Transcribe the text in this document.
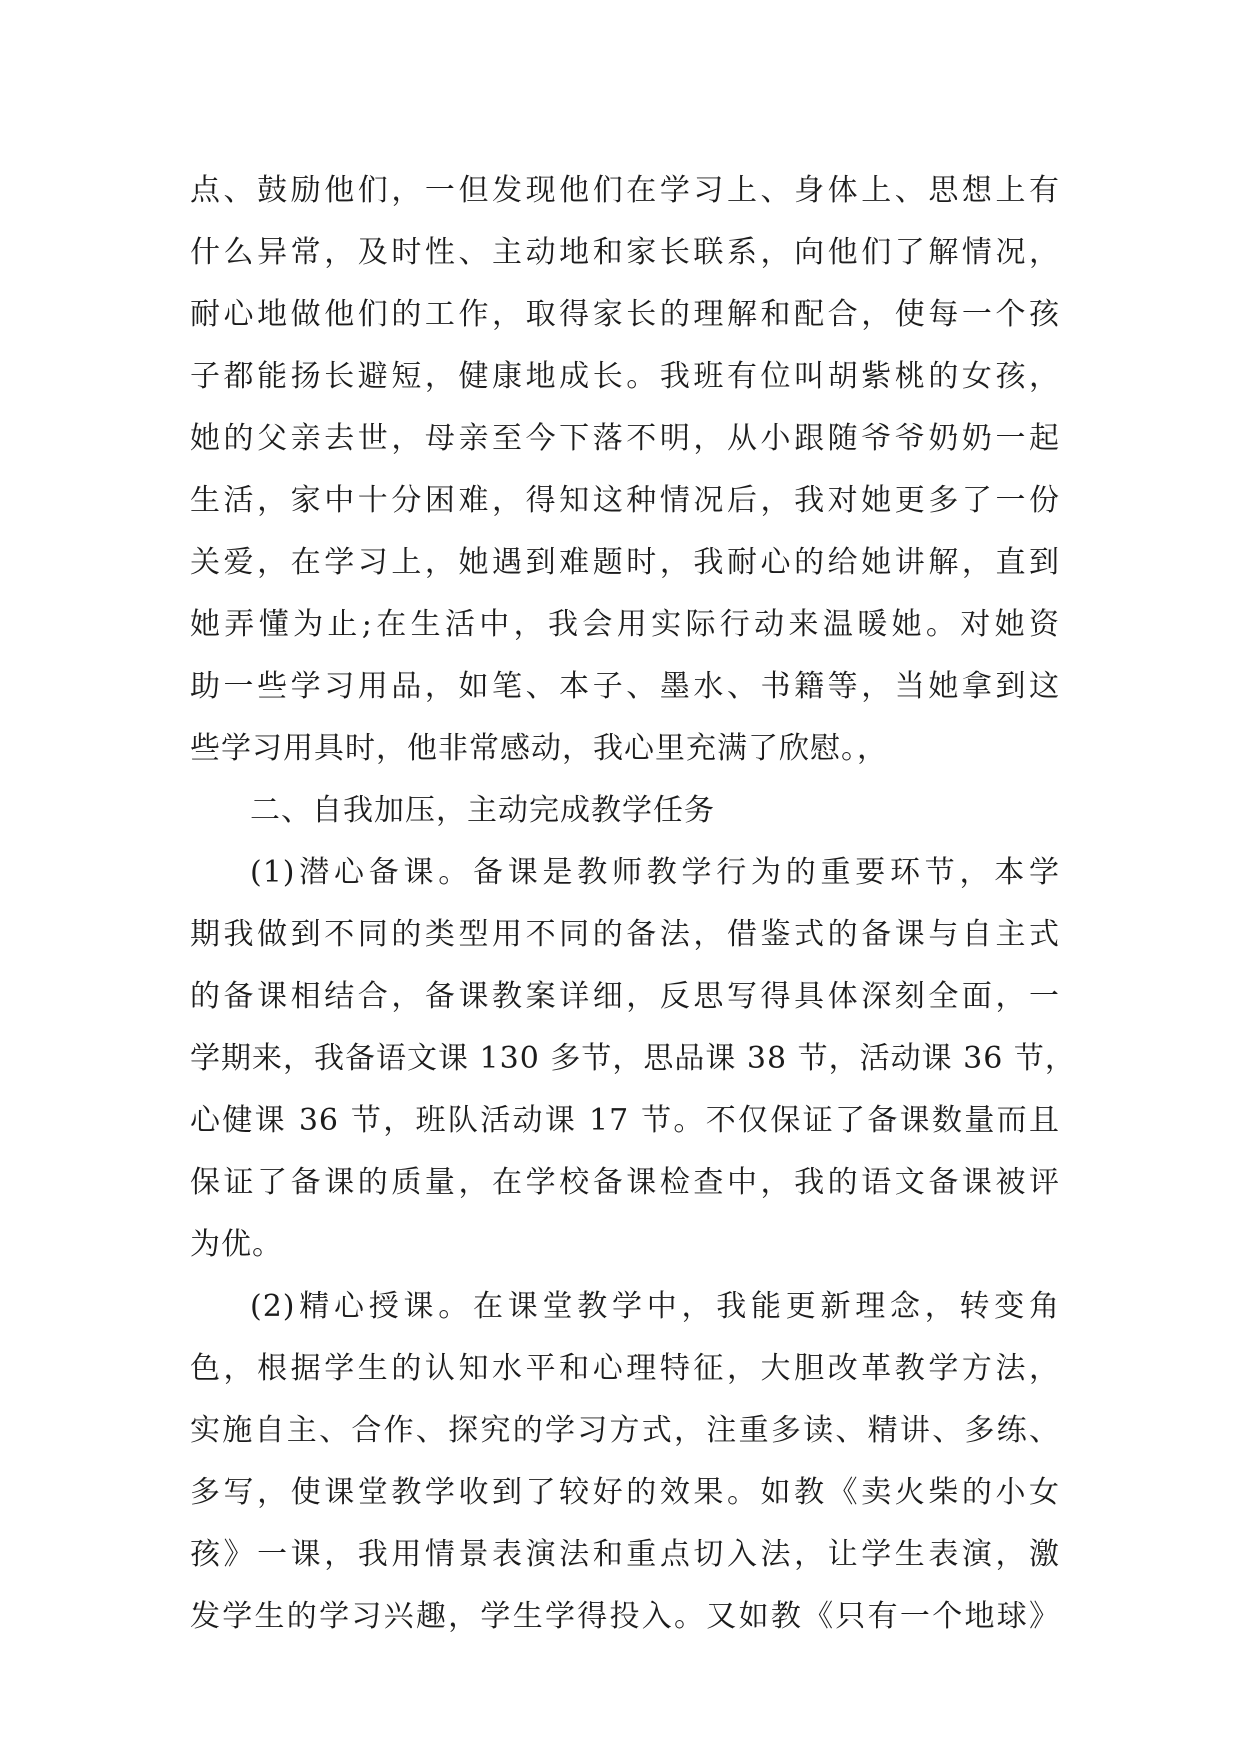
点、鼓励他们，一但发现他们在学习上、身体上、思想上有
什么异常，及时性、主动地和家长联系，向他们了解情况，
耐心地做他们的工作，取得家长的理解和配合，使每一个孩
子都能扬长避短，健康地成长。我班有位叫胡紫桃的女孩，
她的父亲去世，母亲至今下落不明，从小跟随爷爷奶奶一起
生活，家中十分困难，得知这种情况后，我对她更多了一份
关爱，在学习上，她遇到难题时，我耐心的给她讲解，直到
她弄懂为止;在生活中，我会用实际行动来温暖她。对她资
助一些学习用品，如笔、本子、墨水、书籍等，当她拿到这
些学习用具时，他非常感动，我心里充满了欣慰。，
二、自我加压，主动完成教学任务
(1)潜心备课。备课是教师教学行为的重要环节，本学
期我做到不同的类型用不同的备法，借鉴式的备课与自主式
的备课相结合，备课教案详细，反思写得具体深刻全面，一
学期来，我备语文课 130 多节，思品课 38 节，活动课 36 节，
心健课 36 节，班队活动课 17 节。不仅保证了备课数量而且
保证了备课的质量，在学校备课检查中，我的语文备课被评
为优。
(2)精心授课。在课堂教学中，我能更新理念，转变角
色，根据学生的认知水平和心理特征，大胆改革教学方法，
实施自主、合作、探究的学习方式，注重多读、精讲、多练、
多写，使课堂教学收到了较好的效果。如教《卖火柴的小女
孩》一课，我用情景表演法和重点切入法，让学生表演，激
发学生的学习兴趣，学生学得投入。又如教《只有一个地球》
